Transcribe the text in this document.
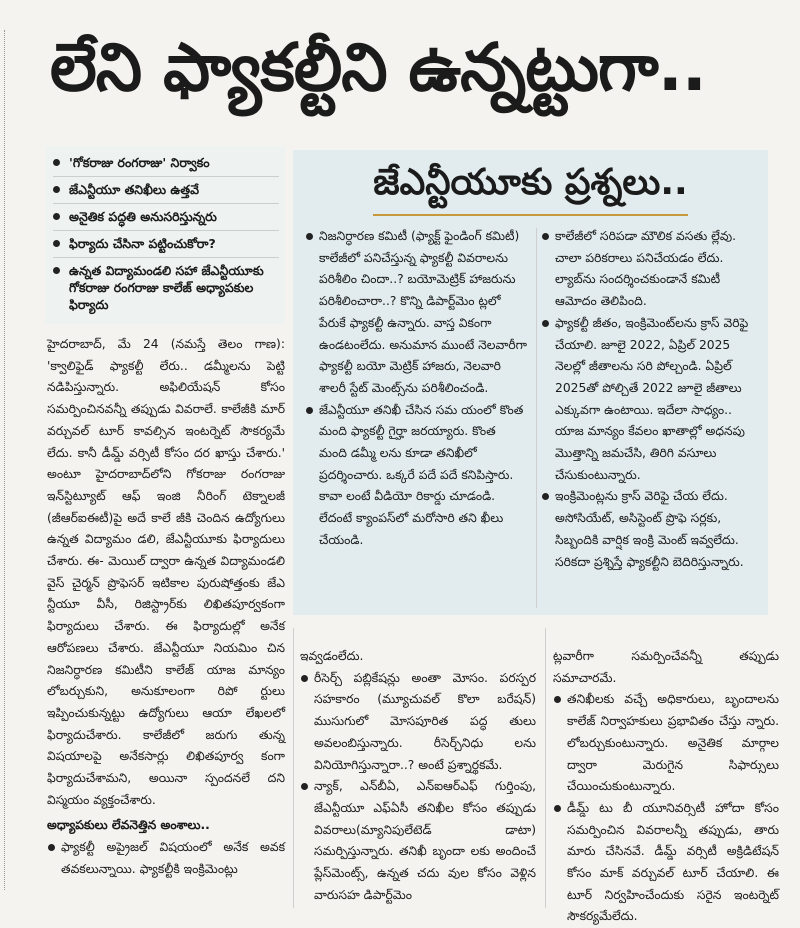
లేని ఫ్యాకల్టీని ఉన్నట్టుగా..
'గోకరాజు రంగరాజు' నిర్వాకం
జేఎన్టీయూ తనిఖీలు ఉత్తవే
అనైతిక పద్ధతి అనుసరిస్తున్నరు
ఫిర్యాదు చేసినా పట్టించుకోరా?
ఉన్నత విద్యామండలి సహా జేఎన్టీయూకు గోకరాజు రంగరాజు కాలేజ్ అధ్యాపకుల ఫిర్యాదు
జేఎన్టీయూకు ప్రశ్నలు..

నిజనిర్ధారణ కమిటీ (ఫ్యాక్ట్ ఫైండింగ్ కమిటీ) కాలేజీలో పనిచేస్తున్న ఫ్యాకల్టీ వివరాలను పరిశీలిం చిందా..? బయోమెట్రిక్ హాజరును పరిశీలించారా..? కొన్ని డిపార్ట్‌మెం ట్లలో పేరుకే ఫ్యాకల్టీ ఉన్నారు. వాస్త వికంగా ఉండటంలేదు. అనుమాన ముంటే నెలవారీగా ఫ్యాకల్టీ బయో మెట్రిక్ హాజరు, నెలవారి శాలరీ స్టేట్ మెంట్స్‌ను పరిశీలించండి.

జేఎన్టీయూ తనిఖీ చేసిన సమ యంలో కొంత మంది ఫ్యాకల్టీ గైర్హా జరయ్యారు. కొంత మంది డమ్మీ లను కూడా తనిఖీలో ప్రదర్శించారు. ఒక్కరే పదే పదే కనిపిస్తారు. కావా లంటే వీడియో రికార్డు చూడండి. లేదంటే క్యాంపస్‌లో మరోసారి తని ఖీలు చేయండి.

కాలేజీలో సరిపడా మౌలిక వసతు ల్లేవు. చాలా పరికరాలు పనిచేయడం లేదు. ల్యాబ్‌ను సందర్శించకుండానే కమిటీ ఆమోదం తెలిపింది.

ఫ్యాకల్టీ జీతం, ఇంక్రిమెంట్‌లను క్రాస్ వెరిఫై చేయాలి. జూలై 2022, ఏప్రిల్ 2025 నెలల్లో జీతాలను సరి పోల్చండి. ఏప్రిల్ 2025తో పోల్చితే 2022 జూలై జీతాలు ఎక్కువగా ఉంటాయి. ఇదేలా సాధ్యం.. యాజ మాన్యం కేవలం ఖాతాల్లో అధనపు మొత్తాన్ని జమచేసి, తిరిగి వసూలు చేసుకుంటున్నారు.

ఇంక్రిమెంట్లను క్రాస్ వెరిఫై చేయ లేదు. అసోసియేట్, అసిస్టెంట్ ప్రొఫె సర్లకు, సిబ్బందికి వార్షిక ఇంక్రి మెంట్ ఇవ్వలేదు. సరికదా ప్రశ్నిస్తే ఫ్యాకల్టీని బెదిరిస్తున్నారు.

హైదరాబాద్, మే 24 (నమస్తే తెలం గాణ): 'క్వాలిఫైడ్ ఫ్యాకల్టీ లేరు.. డమ్మీలను పెట్టి నడిపిస్తున్నారు. అఫిలియేషన్ కోసం సమర్పించినవన్నీ తప్పుడు వివరాలే. కాలేజీకి మార్ వర్చువల్ టూర్ కావల్సిన ఇంటర్నెట్ సౌకర్యమే లేదు. కానీ డీమ్డ్ వర్సిటీ కోసం దర ఖాస్తు చేశారు.' అంటూ హైదరాబాద్‌లోని గోకరాజు రంగరాజు ఇన్‌స్టిట్యూట్ ఆఫ్ ఇంజి నీరింగ్ టెక్నాలజీ (జీఆర్ఐఈటీ)పై అదే కాలే జీకి చెందిన ఉద్యోగులు ఉన్నత విద్యామం డలి, జేఎన్టీయూకు ఫిర్యాదులు చేశారు. ఈ- మెయిల్ ద్వారా ఉన్నత విద్యామండలి వైస్ చైర్మన్ ప్రొఫెసర్ ఇటికాల పురుషోత్తంకు జేఎ న్టీయూ వీసీ, రిజిస్ట్రార్‌కు లిఖితపూర్వకంగా ఫిర్యాదులు చేశారు. ఈ ఫిర్యాదుల్లో అనేక ఆరోపణలు చేశారు. జేఎన్టీయూ నియమిం చిన నిజనిర్ధారణ కమిటీని కాలేజ్ యాజ మాన్యం లోబర్చుకుని, అనుకూలంగా రిపో ర్టులు ఇప్పించుకున్నట్టు ఉద్యోగులు ఆయా లేఖలలో ఫిర్యాదుచేశారు. కాలేజీలో జరుగు తున్న విషయాలపై అనేకసార్లు లిఖితపూర్వ కంగా ఫిర్యాదుచేశామని, అయినా స్పందనలే దని విస్మయం వ్యక్తంచేశారు.

అధ్యాపకులు లేవనెత్తిన అంశాలు..

ఫ్యాకల్టీ అప్రైజల్ విషయంలో అనేక అవక తవకలున్నాయి. ఫ్యాకల్టీకి ఇంక్రిమెంట్లు

ఇవ్వడంలేదు.

రీసెర్చ్ పబ్లికేషన్లు అంతా మోసం. పరస్పర సహకారం (మ్యూచువల్ కొలా బరేషన్) ముసుగులో మోసపూరిత పద్ధ తులు అవలంబిస్తున్నారు. రీసెర్చ్‌నిధు లను వినియోగిస్తున్నారా..? అంటే ప్రశ్నార్థకమే.

న్యాక్, ఎన్‌బీఏ, ఎన్ఐఆర్ఎఫ్ గుర్తింపు, జేఎన్టీయూ ఎఫ్ఏసీ తనిఖీల కోసం తప్పుడు వివరాలు(మ్యానిపులేటెడ్ డాటా) సమర్పిస్తున్నారు. తనిఖీ బృందా లకు అందించే ప్లేస్‌మెంట్స్, ఉన్నత చదు వుల కోసం వెళ్లిన వారుసహ డిపార్ట్‌మెం

ట్లవారీగా సమర్పించేవన్నీ తప్పుడు సమాచారమే.

తనిఖీలకు వచ్చే అధికారులు, బృందాలను కాలేజ్ నిర్వాహకులు ప్రభావితం చేస్తు న్నారు. లోబర్చుకుంటున్నారు. అనైతిక మార్గాల ద్వారా మెరుగైన సిఫార్సులు చేయించుకుంటున్నారు.

డీమ్డ్ టు బీ యూనివర్సిటీ హోదా కోసం సమర్పించిన వివరాలన్నీ తప్పుడు, తారు మారు చేసినవే. డీమ్డ్ వర్సిటీ అక్రిడిటేషన్ కోసం మాక్ వర్చువల్ టూర్ చేయాలి. ఈ టూర్ నిర్వహించేందుకు సరైన ఇంటర్నెట్ సౌకర్యమేలేదు.
